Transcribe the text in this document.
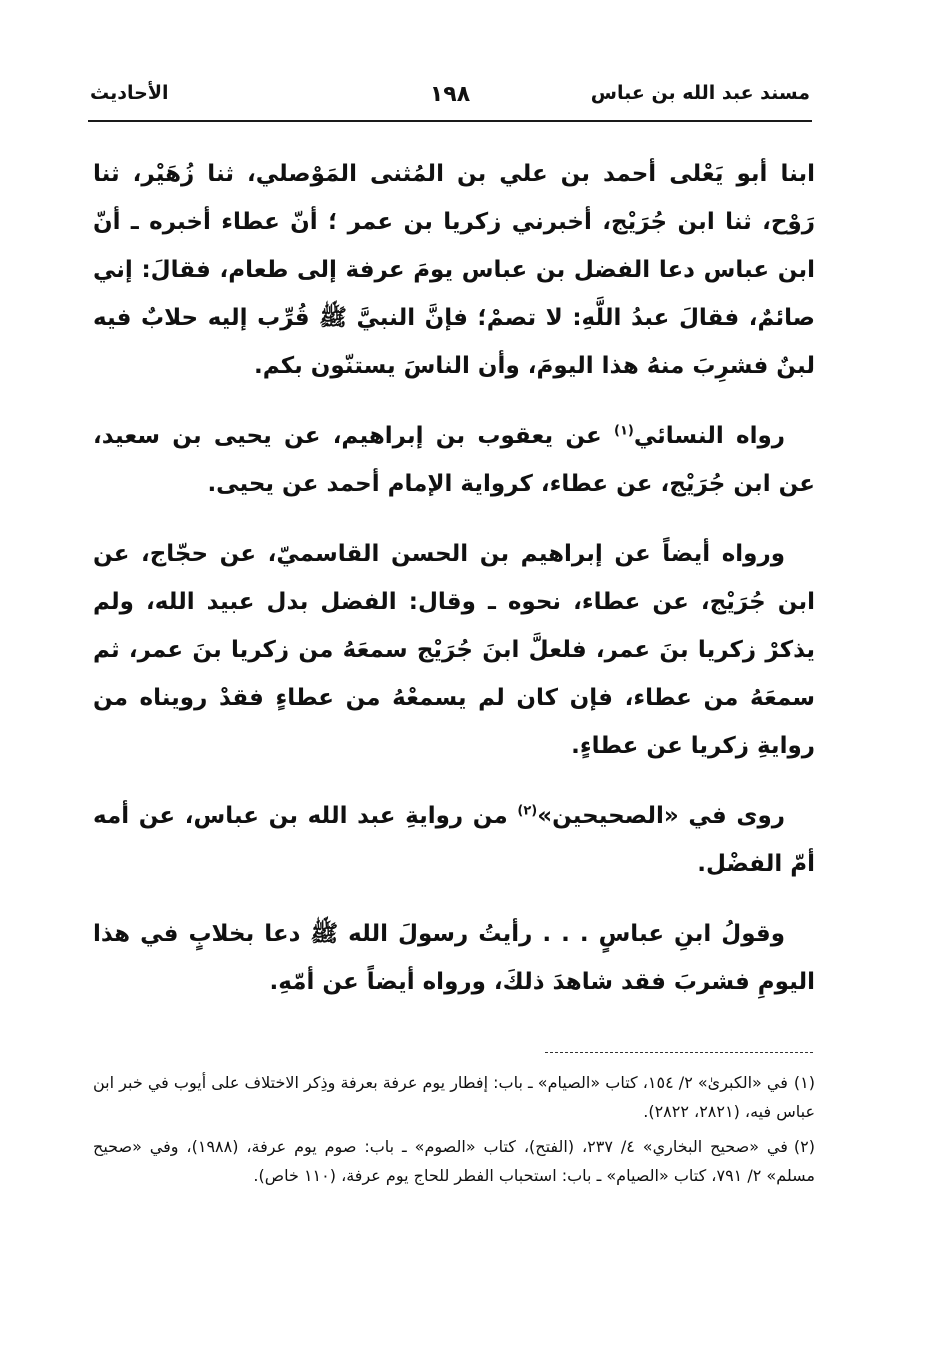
مسند عبد الله بن عباس
١٩٨
الأحاديث

ابنا أبو يَعْلى أحمد بن علي بن المُثنى المَوْصلي، ثنا زُهَيْر، ثنا رَوْح، ثنا ابن جُرَيْج، أخبرني زكريا بن عمر ؛ أنّ عطاء أخبره ـ أنّ ابن عباس دعا الفضل بن عباس يومَ عرفة إلى طعام، فقالَ: إني صائمٌ، فقالَ عبدُ اللَّهِ: لا تصمْ؛ فإنَّ النبيَّ ﷺ قُرِّب إليه حلابٌ فيه لبنٌ فشرِبَ منهُ هذا اليومَ، وأن الناسَ يستنّون بكم.

رواه النسائي$^{(١)}$ عن يعقوب بن إبراهيم، عن يحيى بن سعيد، عن ابن جُرَيْج، عن عطاء، كرواية الإمام أحمد عن يحيى.

ورواه أيضاً عن إبراهيم بن الحسن القاسميّ، عن حجّاج، عن ابن جُرَيْج، عن عطاء، نحوه ـ وقال: الفضل بدل عبيد الله، ولم يذكرْ زكريا بنَ عمر، فلعلَّ ابنَ جُرَيْج سمعَهُ من زكريا بنَ عمر، ثم سمعَهُ من عطاء، فإن كان لم يسمعْهُ من عطاءٍ فقدْ رويناه من روايةِ زكريا عن عطاءٍ.

روى في «الصحيحين»$^{(٢)}$ من روايةِ عبد الله بن عباس، عن أمه أمّ الفضْل.

وقولُ ابنِ عباسٍ . . . رأيتُ رسولَ الله ﷺ دعا بخلابٍ في هذا اليومِ فشربَ فقد شاهدَ ذلكَ، ورواه أيضاً عن أمّهِ.

(١)في «الكبرىٰ» ٢/ ١٥٤، كتاب «الصيام» ـ باب: إفطار يوم عرفة بعرفة وذِكر الاختلاف على أيوب في خبر ابن عباس فيه، (٢٨٢١، ٢٨٢٢).

(٢)في «صحيح البخاري» ٤/ ٢٣٧، (الفتح)، كتاب «الصوم» ـ باب: صوم يوم عرفة، (١٩٨٨)، وفي «صحيح مسلم» ٢/ ٧٩١، كتاب «الصيام» ـ باب: استحباب الفطر للحاج يوم عرفة، (١١٠ خاص).
